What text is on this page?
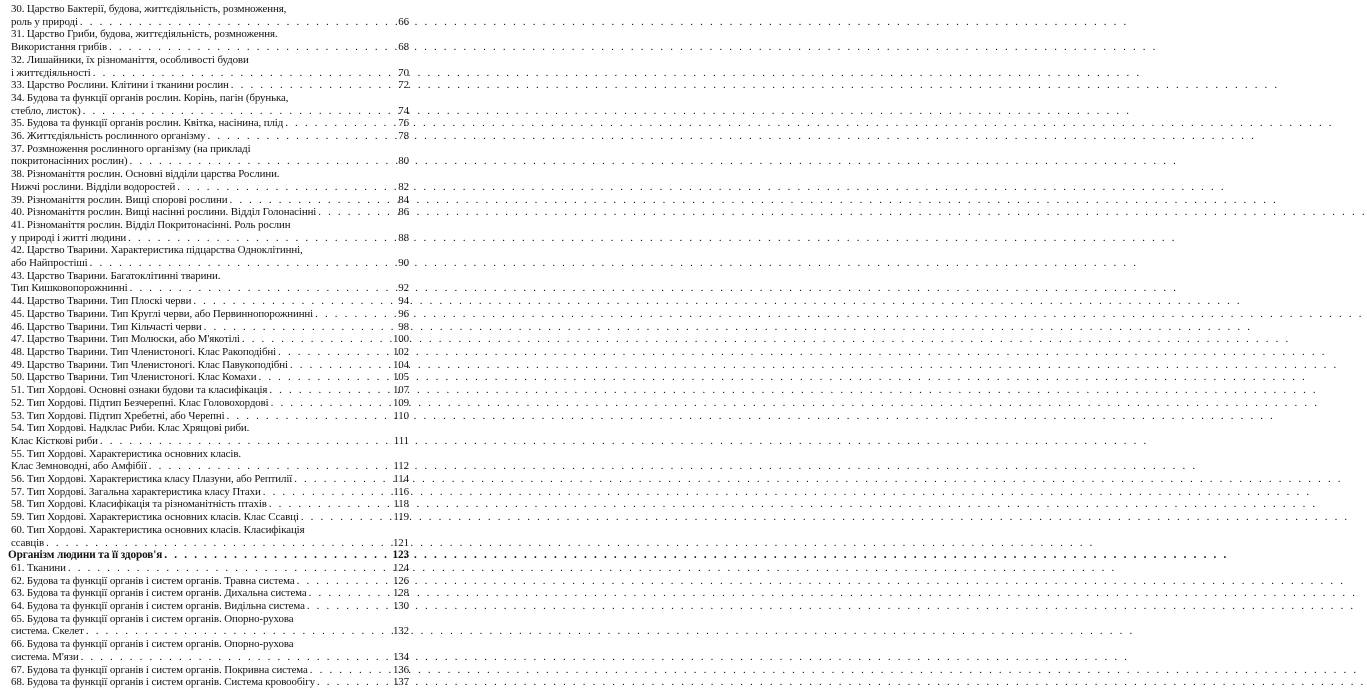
30. Царство Бактерії, будова, життєдіяльність, розмноження,
роль у природі . . .	66
31. Царство Гриби, будова, життєдіяльність, розмноження.
Використання грибів . . .	68
32. Лишайники, їх різноманіття, особливості будови
і життєдіяльності . . .	70
33. Царство Рослини. Клітини і тканини рослин . . .	72
34. Будова та функції органів рослин. Корінь, пагін (брунька,
стебло, листок) . . .	74
35. Будова та функції органів рослин. Квітка, насінина, плід . . .	76
36. Життєдіяльність рослинного організму . . .	78
37. Розмноження рослинного організму (на прикладі
покритонасінних рослин) . . .	80
38. Різноманіття рослин. Основні відділи царства Рослини.
Нижчі рослини. Відділи водоростей . . .	82
39. Різноманіття рослин. Вищі спорові рослини . . .	84
40. Різноманіття рослин. Вищі насінні рослини. Відділ Голонасінні . . .	86
41. Різноманіття рослин. Відділ Покритонасінні. Роль рослин
у природі і житті людини . . .	88
42. Царство Тварини. Характеристика підцарства Одноклітинні,
або Найпростіші . . .	90
43. Царство Тварини. Багатоклітинні тварини.
Тип Кишковопорожнинні . . .	92
44. Царство Тварини. Тип Плоскі черви . . .	94
45. Царство Тварини. Тип Круглі черви, або Первиннопорожнинні . . .	96
46. Царство Тварини. Тип Кільчасті черви . . .	98
47. Царство Тварини. Тип Молюски, або М'якотілі . . .	100
48. Царство Тварини. Тип Членистоногі. Клас Ракоподібні . . .	102
49. Царство Тварини. Тип Членистоногі. Клас Павукоподібні . . .	104
50. Царство Тварини. Тип Членистоногі. Клас Комахи . . .	105
51. Тип Хордові. Основні ознаки будови та класифікація . . .	107
52. Тип Хордові. Підтип Безчерепні. Клас Головохордові . . .	109
53. Тип Хордові. Підтип Хребетні, або Черепні . . .	110
54. Тип Хордові. Надклас Риби. Клас Хрящові риби.
Клас Кісткові риби . . .	111
55. Тип Хордові. Характеристика основних класів.
Клас Земноводні, або Амфібії . . .	112
56. Тип Хордові. Характеристика класу Плазуни, або Рептилії . . .	114
57. Тип Хордові. Загальна характеристика класу Птахи . . .	116
58. Тип Хордові. Класифікація та різноманітність птахів . . .	118
59. Тип Хордові. Характеристика основних класів. Клас Ссавці . . .	119
60. Тип Хордові. Характеристика основних класів. Класифікація
ссавців . . .	121
Організм людини та її здоров'я . . .	123
61. Тканини . . .	124
62. Будова та функції органів і систем органів. Травна система . . .	126
63. Будова та функції органів і систем органів. Дихальна система . . .	128
64. Будова та функції органів і систем органів. Видільна система . . .	130
65. Будова та функції органів і систем органів. Опорно-рухова
система. Скелет . . .	132
66. Будова та функції органів і систем органів. Опорно-рухова
система. М'язи . . .	134
67. Будова та функції органів і систем органів. Покривна система . . .	136
68. Будова та функції органів і систем органів. Система кровообігу . . .	137
